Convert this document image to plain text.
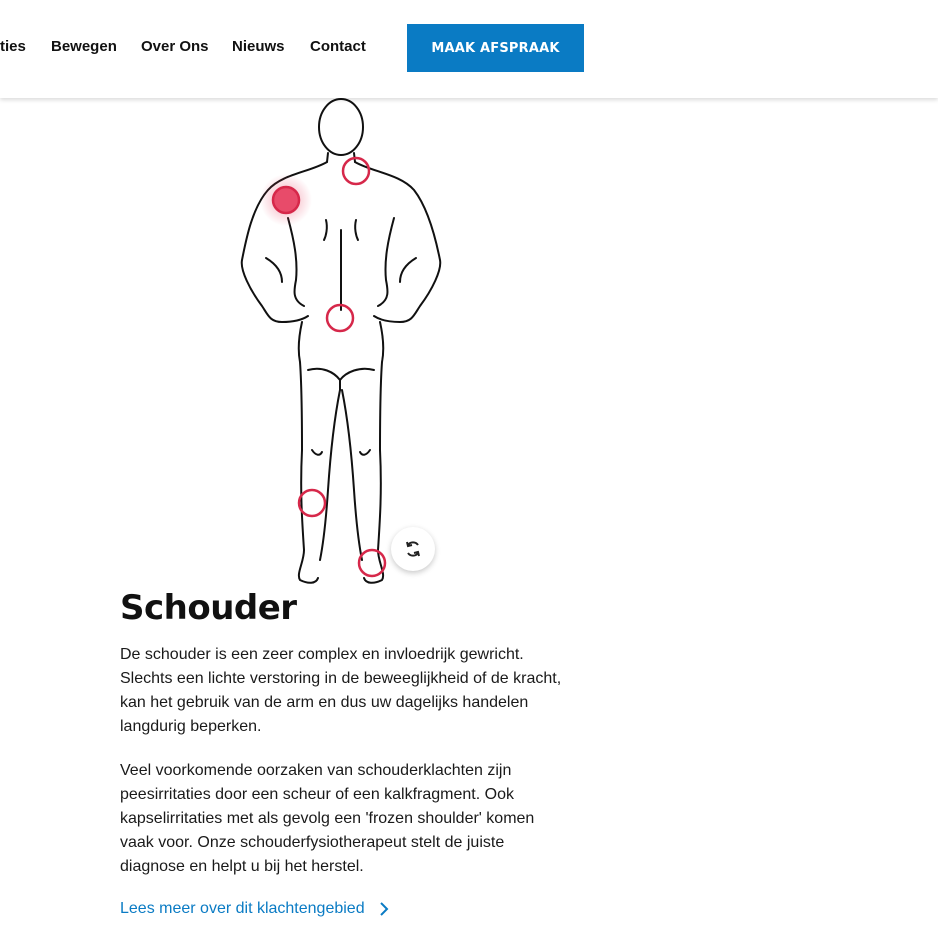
ties Bewegen Over Ons Nieuws Contact	MAAK AFSPRAAK
Schouder

De schouder is een zeer complex en invloedrijk gewricht. Slechts een lichte verstoring in de beweeglijkheid of de kracht, kan het gebruik van de arm en dus uw dagelijks handelen langdurig beperken.

Veel voorkomende oorzaken van schouderklachten zijn peesirritaties door een scheur of een kalkfragment. Ook kapselirritaties met als gevolg een 'frozen shoulder' komen vaak voor. Onze schouderfysiotherapeut stelt de juiste diagnose en helpt u bij het herstel.

Lees meer over dit klachtengebied
